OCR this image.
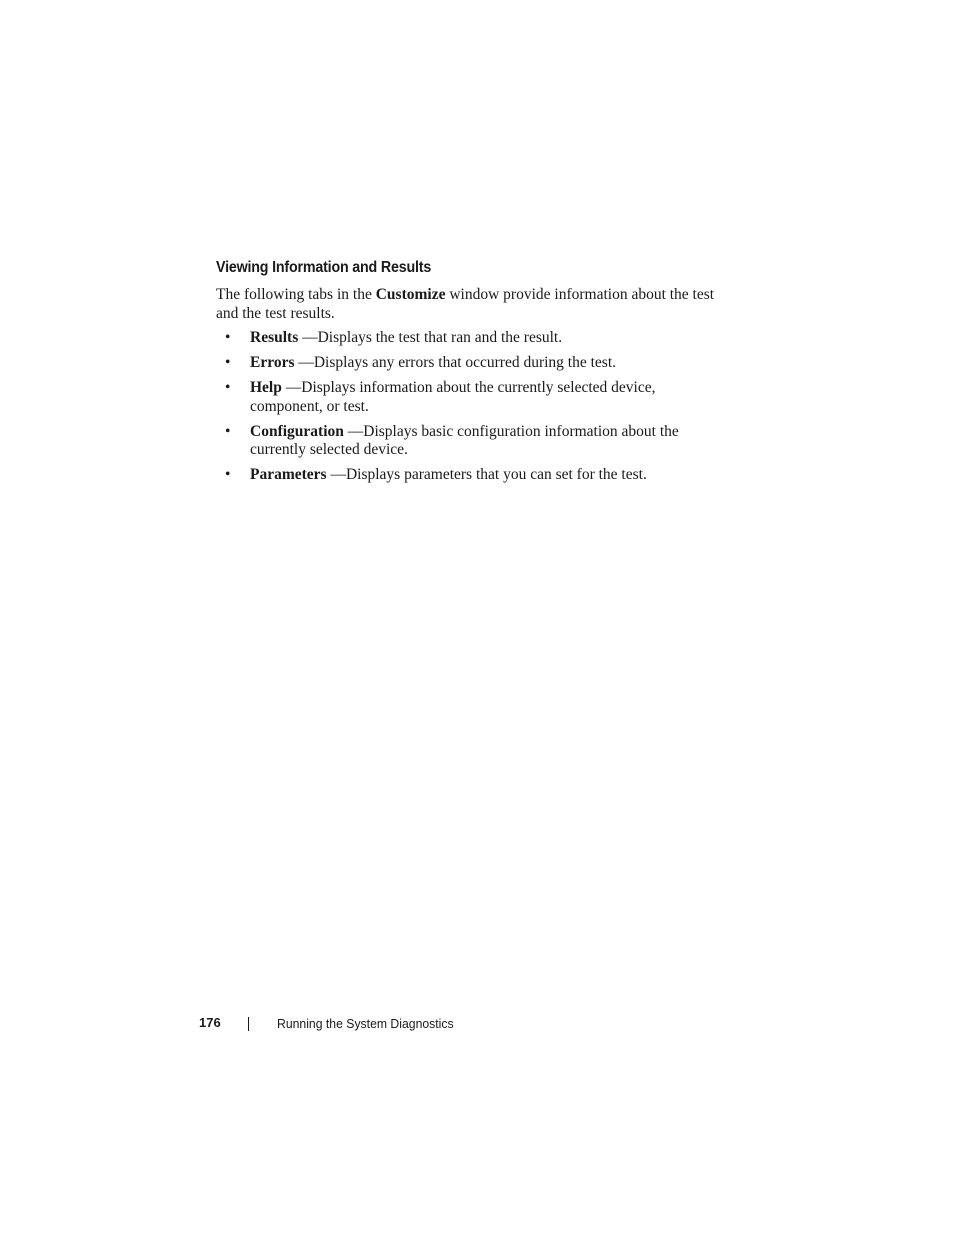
Viewing Information and Results

The following tabs in the Customize window provide information about the test and the test results.

• Results —Displays the test that ran and the result.
• Errors —Displays any errors that occurred during the test.
• Help —Displays information about the currently selected device, component, or test.
• Configuration —Displays basic configuration information about the currently selected device.
• Parameters —Displays parameters that you can set for the test.
176	Running the System Diagnostics
